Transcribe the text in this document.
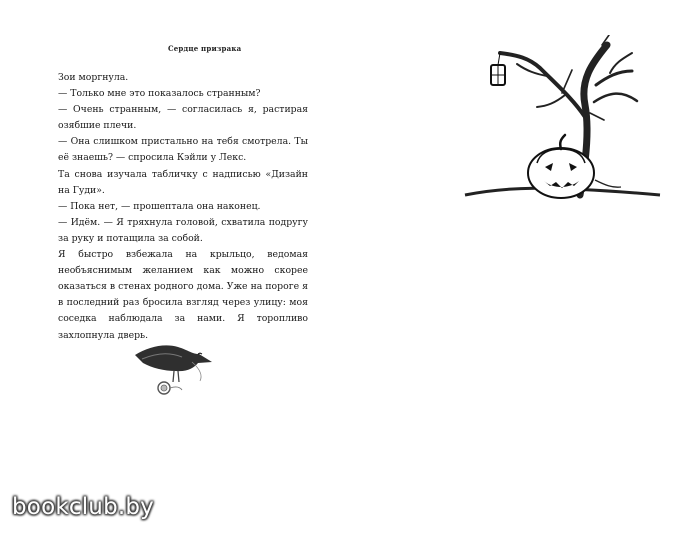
Сердце призрака

Зои моргнула.

— Только мне это показалось странным?

— Очень странным, — согласилась я, растирая озябшие плечи.

— Она слишком пристально на тебя смотрела. Ты её знаешь? — спросила Кэйли у Лекс.

Та снова изучала табличку с надписью «Дизайн на Гуди».

— Пока нет, — прошептала она наконец.

— Идём. — Я тряхнула головой, схватила подругу за руку и потащила за собой.

Я быстро взбежала на крыльцо, ведомая необъяснимым желанием как можно скорее оказаться в стенах родного дома. Уже на пороге я в последний раз бросила взгляд через улицу: моя соседка наблюдала за нами. Я торопливо захлопнула дверь.

bookclub.by
